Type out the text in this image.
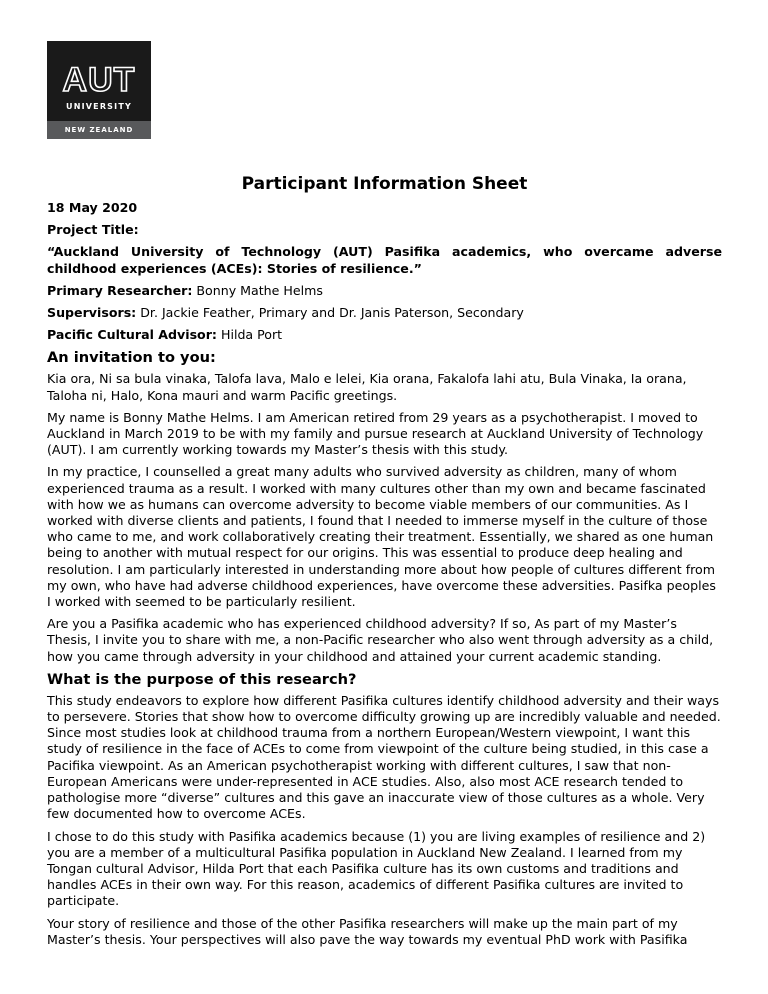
AUT
UNIVERSITY
NEW ZEALAND
Participant Information Sheet

18 May 2020

Project Title:

“Auckland University of Technology (AUT) Pasifika academics, who overcame adverse childhood experiences (ACEs): Stories of resilience.”

Primary Researcher: Bonny Mathe Helms

Supervisors: Dr. Jackie Feather, Primary and Dr. Janis Paterson, Secondary

Pacific Cultural Advisor: Hilda Port

An invitation to you:

Kia ora, Ni sa bula vinaka, Talofa lava, Malo e lelei, Kia orana, Fakalofa lahi atu, Bula Vinaka, Ia orana, Taloha ni, Halo, Kona mauri and warm Pacific greetings.

My name is Bonny Mathe Helms. I am American retired from 29 years as a psychotherapist. I moved to Auckland in March 2019 to be with my family and pursue research at Auckland University of Technology (AUT). I am currently working towards my Master’s thesis with this study.

In my practice, I counselled a great many adults who survived adversity as children, many of whom experienced trauma as a result. I worked with many cultures other than my own and became fascinated with how we as humans can overcome adversity to become viable members of our communities. As I worked with diverse clients and patients, I found that I needed to immerse myself in the culture of those who came to me, and work collaboratively creating their treatment. Essentially, we shared as one human being to another with mutual respect for our origins. This was essential to produce deep healing and resolution. I am particularly interested in understanding more about how people of cultures different from my own, who have had adverse childhood experiences, have overcome these adversities. Pasifka peoples I worked with seemed to be particularly resilient.

Are you a Pasifika academic who has experienced childhood adversity? If so, As part of my Master’s Thesis, I invite you to share with me, a non-Pacific researcher who also went through adversity as a child, how you came through adversity in your childhood and attained your current academic standing.

What is the purpose of this research?

This study endeavors to explore how different Pasifika cultures identify childhood adversity and their ways to persevere. Stories that show how to overcome difficulty growing up are incredibly valuable and needed. Since most studies look at childhood trauma from a northern European/Western viewpoint, I want this study of resilience in the face of ACEs to come from viewpoint of the culture being studied, in this case a Pacifika viewpoint. As an American psychotherapist working with different cultures, I saw that non-European Americans were under-represented in ACE studies. Also, also most ACE research tended to pathologise more “diverse” cultures and this gave an inaccurate view of those cultures as a whole. Very few documented how to overcome ACEs.

I chose to do this study with Pasifika academics because (1) you are living examples of resilience and 2) you are a member of a multicultural Pasifika population in Auckland New Zealand. I learned from my Tongan cultural Advisor, Hilda Port that each Pasifika culture has its own customs and traditions and handles ACEs in their own way. For this reason, academics of different Pasifika cultures are invited to participate.

Your story of resilience and those of the other Pasifika researchers will make up the main part of my Master’s thesis. Your perspectives will also pave the way towards my eventual PhD work with Pasifika
